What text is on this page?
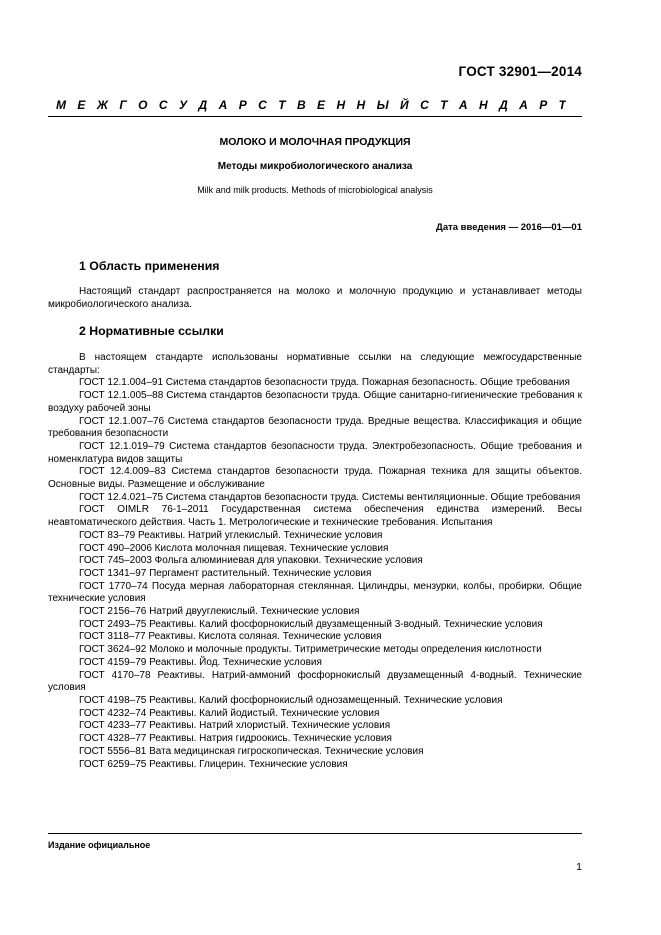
ГОСТ 32901—2014
М Е Ж Г О С У Д А Р С Т В Е Н Н Ы Й С Т А Н Д А Р Т
МОЛОКО И МОЛОЧНАЯ ПРОДУКЦИЯ
Методы микробиологического анализа
Milk and milk products. Methods of microbiological analysis
Дата введения — 2016—01—01
1 Область применения

Настоящий стандарт распространяется на молоко и молочную продукцию и устанавливает методы микробиологического анализа.

2 Нормативные ссылки

В настоящем стандарте использованы нормативные ссылки на следующие межгосударственные стандарты:

ГОСТ 12.1.004–91 Система стандартов безопасности труда. Пожарная безопасность. Общие требования

ГОСТ 12.1.005–88 Система стандартов безопасности труда. Общие санитарно-гигиенические требования к воздуху рабочей зоны

ГОСТ 12.1.007–76 Система стандартов безопасности труда. Вредные вещества. Классификация и общие требования безопасности

ГОСТ 12.1.019–79 Система стандартов безопасности труда. Электробезопасность. Общие требования и номенклатура видов защиты

ГОСТ 12.4.009–83 Система стандартов безопасности труда. Пожарная техника для защиты объектов. Основные виды. Размещение и обслуживание

ГОСТ 12.4.021–75 Система стандартов безопасности труда. Системы вентиляционные. Общие требования

ГОСТ OIMLR 76-1–2011 Государственная система обеспечения единства измерений. Весы неавтоматического действия. Часть 1. Метрологические и технические требования. Испытания

ГОСТ 83–79 Реактивы. Натрий углекислый. Технические условия

ГОСТ 490–2006 Кислота молочная пищевая. Технические условия

ГОСТ 745–2003 Фольга алюминиевая для упаковки. Технические условия

ГОСТ 1341–97 Пергамент растительный. Технические условия

ГОСТ 1770–74 Посуда мерная лабораторная стеклянная. Цилиндры, мензурки, колбы, пробирки. Общие технические условия

ГОСТ 2156–76 Натрий двууглекислый. Технические условия

ГОСТ 2493–75 Реактивы. Калий фосфорнокислый двузамещенный 3-водный. Технические условия

ГОСТ 3118–77 Реактивы. Кислота соляная. Технические условия

ГОСТ 3624–92 Молоко и молочные продукты. Титриметрические методы определения кислотности

ГОСТ 4159–79 Реактивы. Йод. Технические условия

ГОСТ 4170–78 Реактивы. Натрий-аммоний фосфорнокислый двузамещенный 4-водный. Технические условия

ГОСТ 4198–75 Реактивы. Калий фосфорнокислый однозамещенный. Технические условия

ГОСТ 4232–74 Реактивы. Калий йодистый. Технические условия

ГОСТ 4233–77 Реактивы. Натрий хлористый. Технические условия

ГОСТ 4328–77 Реактивы. Натрия гидроокись. Технические условия

ГОСТ 5556–81 Вата медицинская гигроскопическая. Технические условия

ГОСТ 6259–75 Реактивы. Глицерин. Технические условия

Издание официальное
1
